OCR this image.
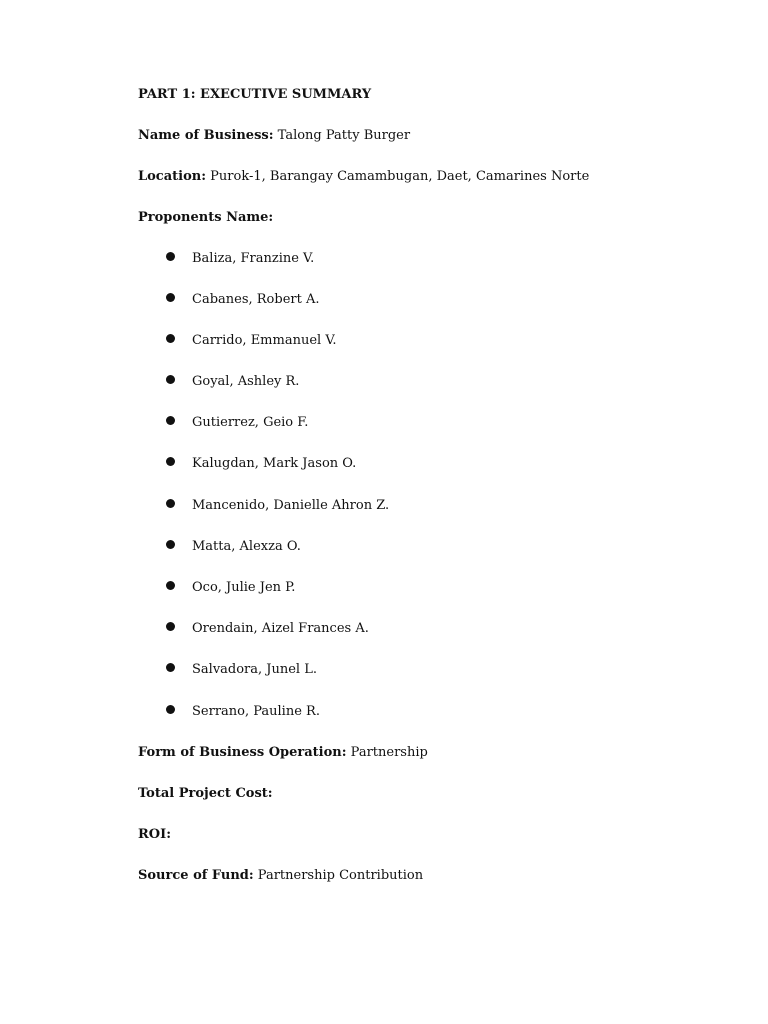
PART 1: EXECUTIVE SUMMARY
Name of Business: Talong Patty Burger
Location: Purok-1, Barangay Camambugan, Daet, Camarines Norte
Proponents Name:
Baliza, Franzine V.
Cabanes, Robert A.
Carrido, Emmanuel V.
Goyal, Ashley R.
Gutierrez, Geio F.
Kalugdan, Mark Jason O.
Mancenido, Danielle Ahron Z.
Matta, Alexza O.
Oco, Julie Jen P.
Orendain, Aizel Frances A.
Salvadora, Junel L.
Serrano, Pauline R.
Form of Business Operation: Partnership
Total Project Cost:
ROI:
Source of Fund: Partnership Contribution
